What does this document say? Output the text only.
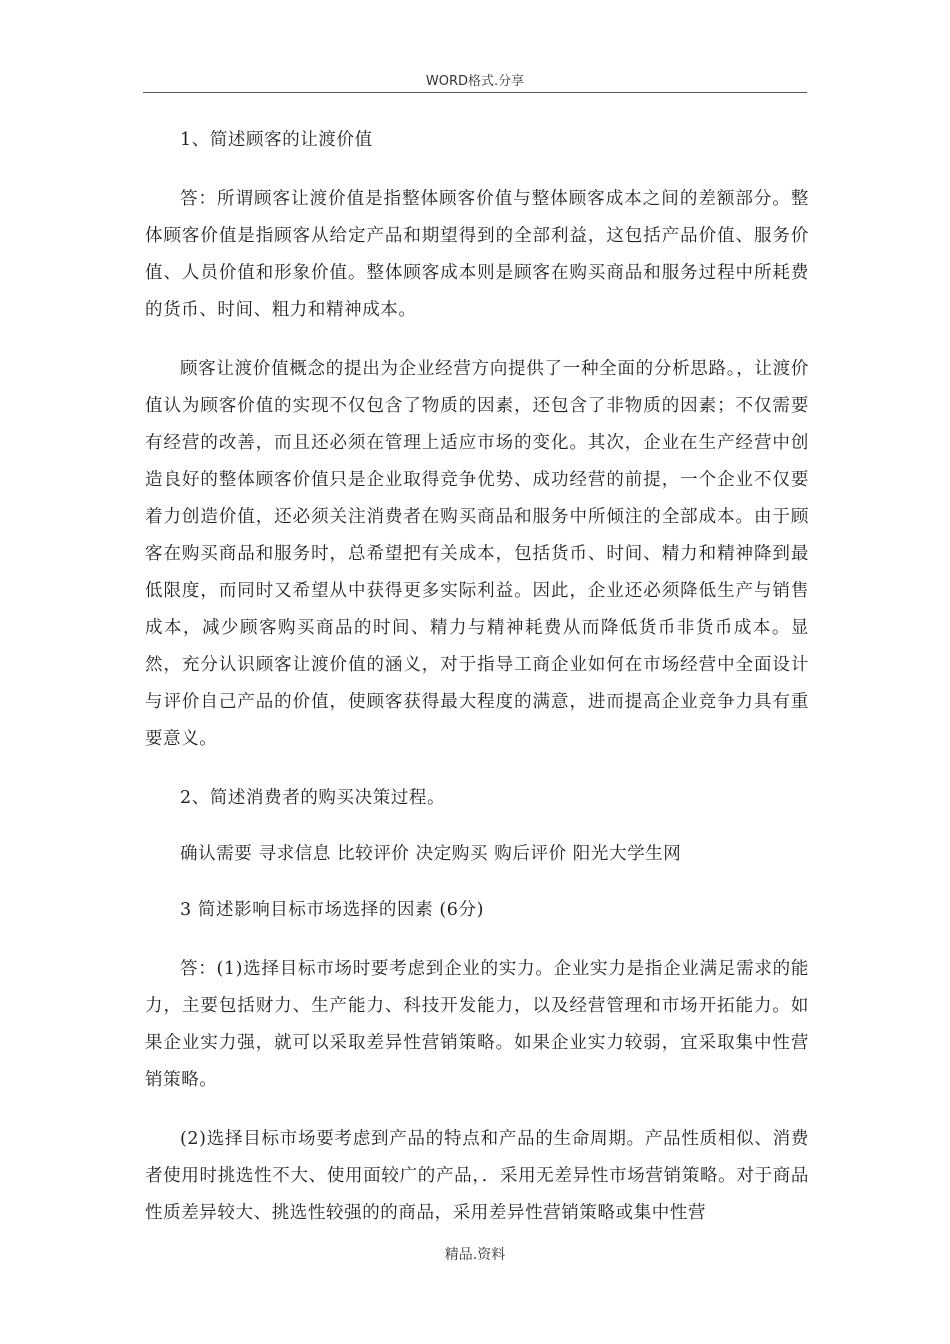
WORD格式.分享

1、简述顾客的让渡价值

答：所谓顾客让渡价值是指整体顾客价值与整体顾客成本之间的差额部分。整体顾客价值是指顾客从给定产品和期望得到的全部利益，这包括产品价值、服务价值、人员价值和形象价值。整体顾客成本则是顾客在购买商品和服务过程中所耗费的货币、时间、粗力和精神成本。

顾客让渡价值概念的提出为企业经营方向提供了一种全面的分析思路。，让渡价值认为顾客价值的实现不仅包含了物质的因素，还包含了非物质的因素；不仅需要有经营的改善，而且还必须在管理上适应市场的变化。其次，企业在生产经营中创造良好的整体顾客价值只是企业取得竞争优势、成功经营的前提，一个企业不仅要着力创造价值，还必须关注消费者在购买商品和服务中所倾注的全部成本。由于顾客在购买商品和服务时，总希望把有关成本，包括货币、时间、精力和精神降到最低限度，而同时又希望从中获得更多实际利益。因此，企业还必须降低生产与销售成本，减少顾客购买商品的时间、精力与精神耗费从而降低货币非货币成本。显然，充分认识顾客让渡价值的涵义，对于指导工商企业如何在市场经营中全面设计与评价自己产品的价值，使顾客获得最大程度的满意，进而提高企业竞争力具有重要意义。

2、简述消费者的购买决策过程。

确认需要 寻求信息 比较评价 决定购买 购后评价 阳光大学生网

3 简述影响目标市场选择的因素 (6分)

答：(1)选择目标市场时要考虑到企业的实力。企业实力是指企业满足需求的能力，主要包括财力、生产能力、科技开发能力，以及经营管理和市场开拓能力。如果企业实力强，就可以采取差异性营销策略。如果企业实力较弱，宜采取集中性营销策略。

(2)选择目标市场要考虑到产品的特点和产品的生命周期。产品性质相似、消费者使用时挑选性不大、使用面较广的产品，．采用无差异性市场营销策略。对于商品性质差异较大、挑选性较强的的商品，采用差异性营销策略或集中性营

精品.资料
